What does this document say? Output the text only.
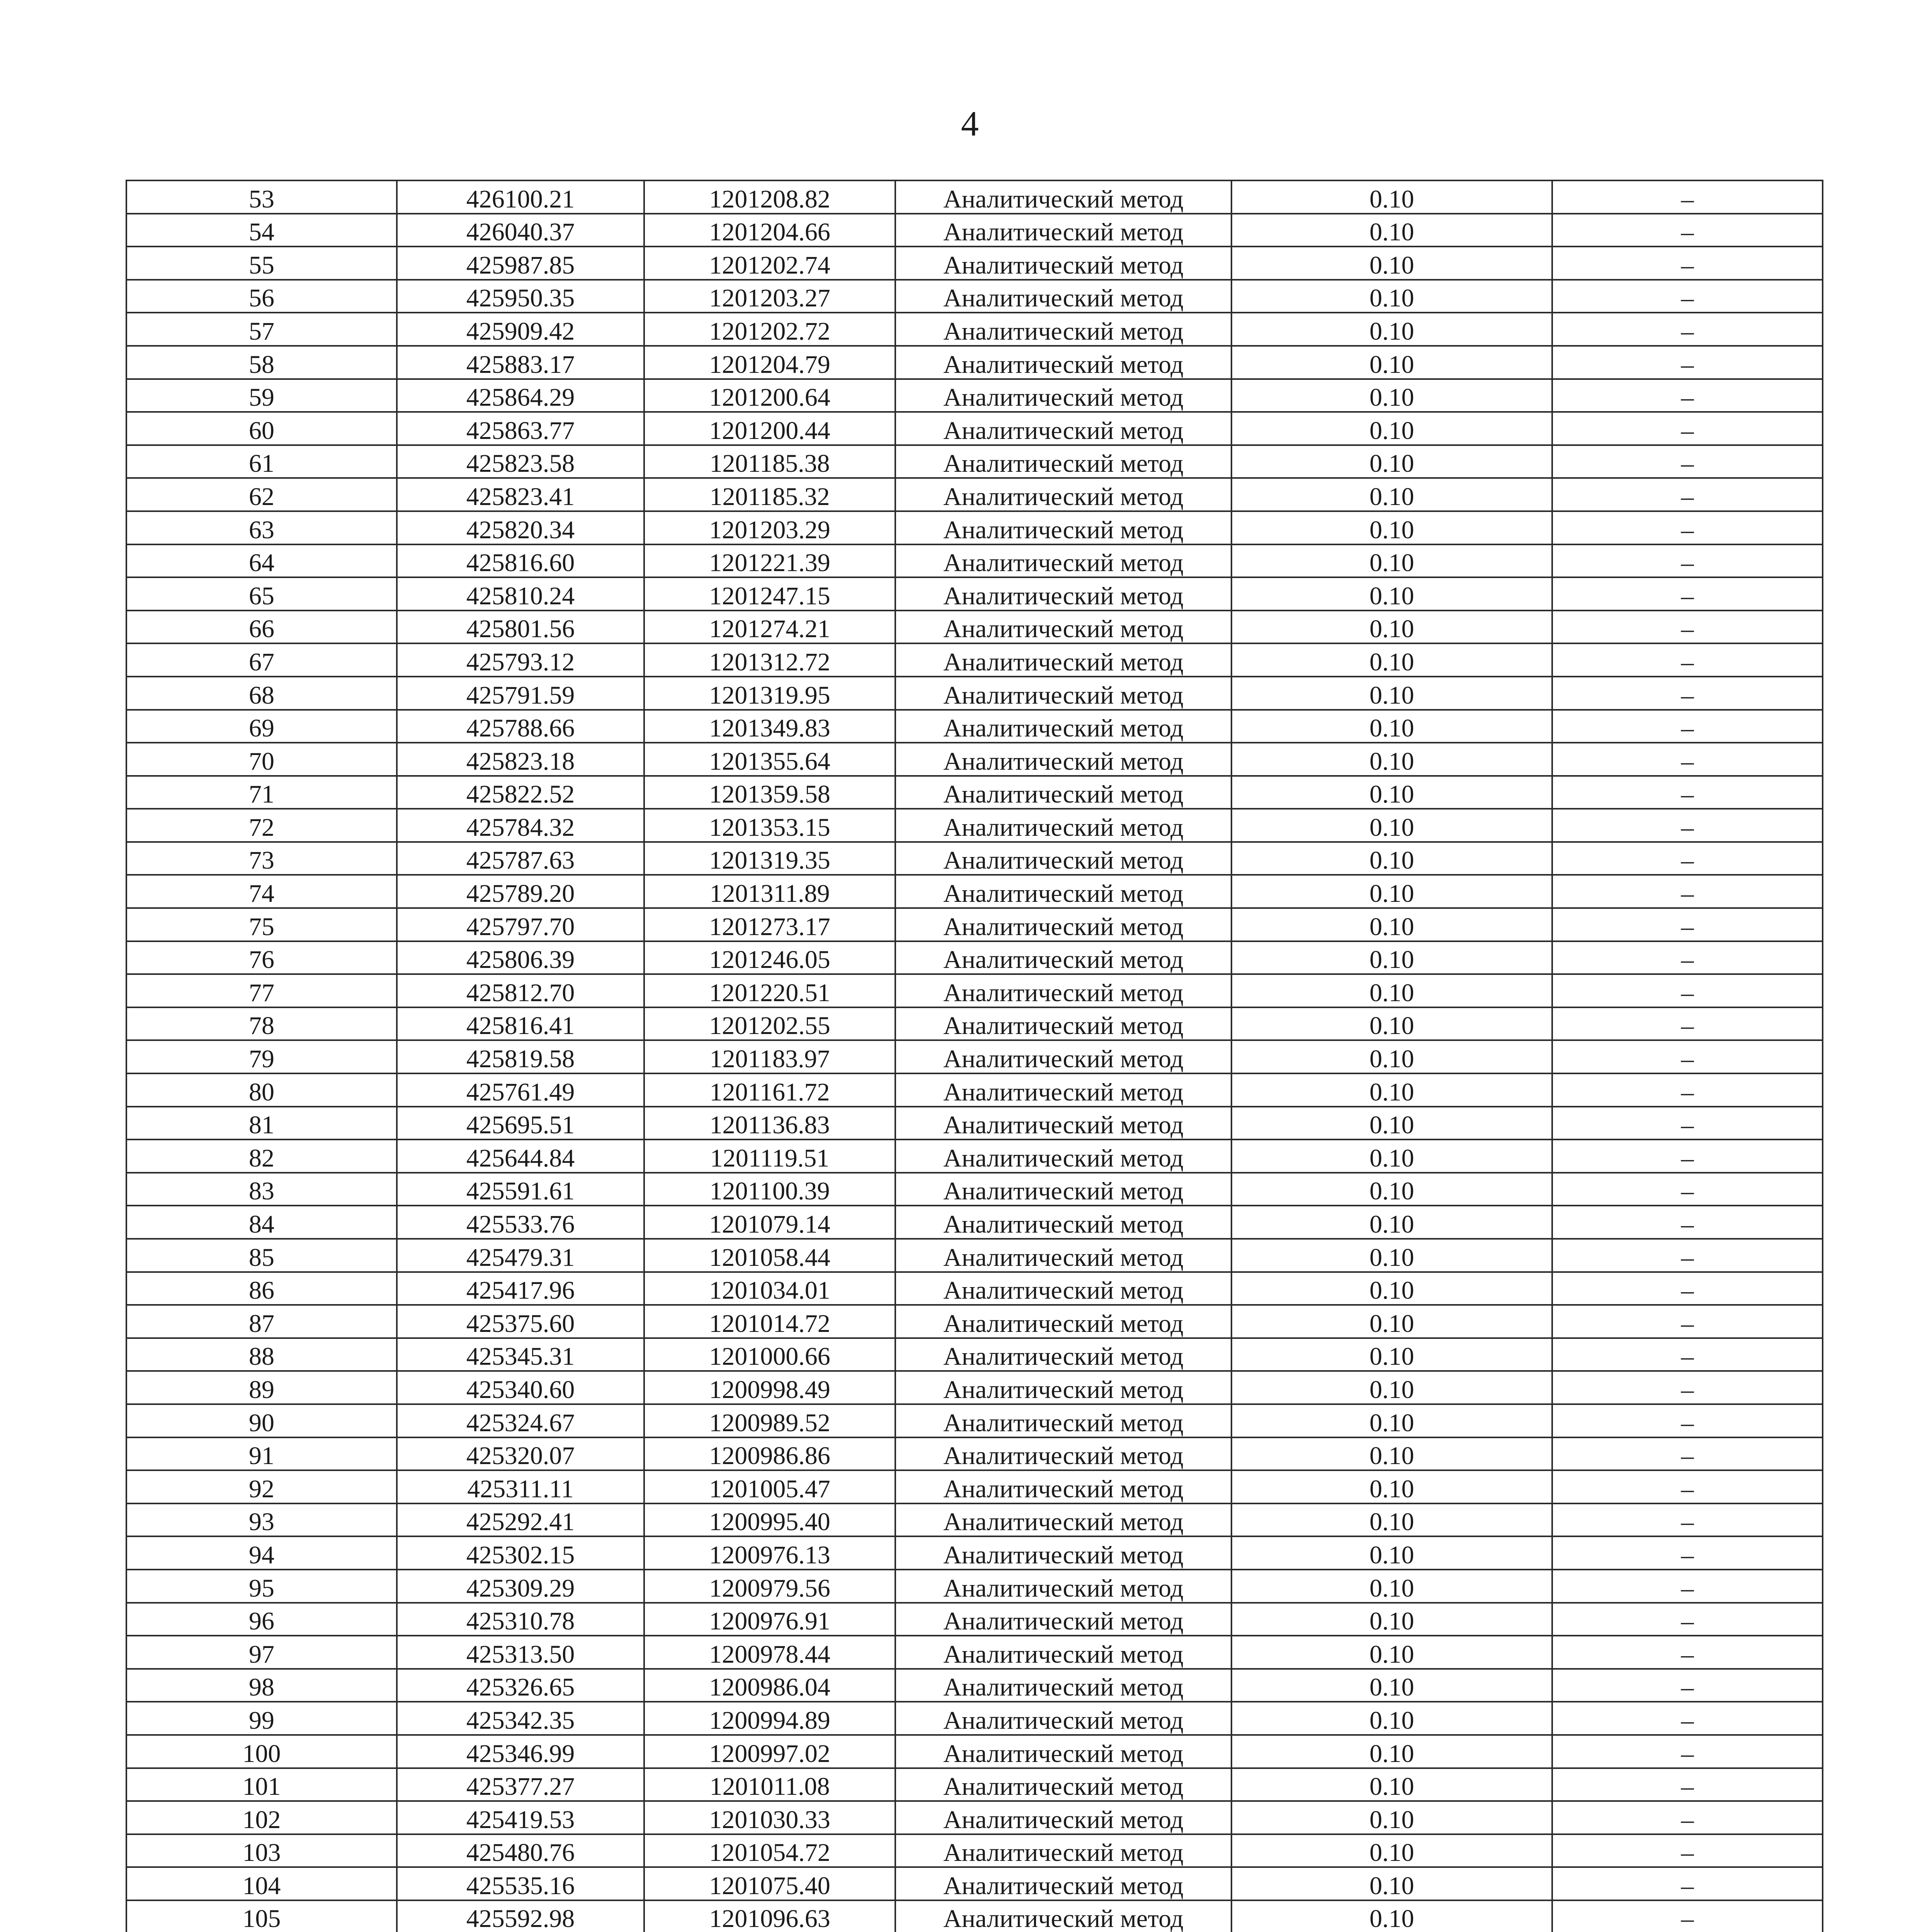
4
53	426100.21	1201208.82	Аналитический метод	0.10	–
54	426040.37	1201204.66	Аналитический метод	0.10	–
55	425987.85	1201202.74	Аналитический метод	0.10	–
56	425950.35	1201203.27	Аналитический метод	0.10	–
57	425909.42	1201202.72	Аналитический метод	0.10	–
58	425883.17	1201204.79	Аналитический метод	0.10	–
59	425864.29	1201200.64	Аналитический метод	0.10	–
60	425863.77	1201200.44	Аналитический метод	0.10	–
61	425823.58	1201185.38	Аналитический метод	0.10	–
62	425823.41	1201185.32	Аналитический метод	0.10	–
63	425820.34	1201203.29	Аналитический метод	0.10	–
64	425816.60	1201221.39	Аналитический метод	0.10	–
65	425810.24	1201247.15	Аналитический метод	0.10	–
66	425801.56	1201274.21	Аналитический метод	0.10	–
67	425793.12	1201312.72	Аналитический метод	0.10	–
68	425791.59	1201319.95	Аналитический метод	0.10	–
69	425788.66	1201349.83	Аналитический метод	0.10	–
70	425823.18	1201355.64	Аналитический метод	0.10	–
71	425822.52	1201359.58	Аналитический метод	0.10	–
72	425784.32	1201353.15	Аналитический метод	0.10	–
73	425787.63	1201319.35	Аналитический метод	0.10	–
74	425789.20	1201311.89	Аналитический метод	0.10	–
75	425797.70	1201273.17	Аналитический метод	0.10	–
76	425806.39	1201246.05	Аналитический метод	0.10	–
77	425812.70	1201220.51	Аналитический метод	0.10	–
78	425816.41	1201202.55	Аналитический метод	0.10	–
79	425819.58	1201183.97	Аналитический метод	0.10	–
80	425761.49	1201161.72	Аналитический метод	0.10	–
81	425695.51	1201136.83	Аналитический метод	0.10	–
82	425644.84	1201119.51	Аналитический метод	0.10	–
83	425591.61	1201100.39	Аналитический метод	0.10	–
84	425533.76	1201079.14	Аналитический метод	0.10	–
85	425479.31	1201058.44	Аналитический метод	0.10	–
86	425417.96	1201034.01	Аналитический метод	0.10	–
87	425375.60	1201014.72	Аналитический метод	0.10	–
88	425345.31	1201000.66	Аналитический метод	0.10	–
89	425340.60	1200998.49	Аналитический метод	0.10	–
90	425324.67	1200989.52	Аналитический метод	0.10	–
91	425320.07	1200986.86	Аналитический метод	0.10	–
92	425311.11	1201005.47	Аналитический метод	0.10	–
93	425292.41	1200995.40	Аналитический метод	0.10	–
94	425302.15	1200976.13	Аналитический метод	0.10	–
95	425309.29	1200979.56	Аналитический метод	0.10	–
96	425310.78	1200976.91	Аналитический метод	0.10	–
97	425313.50	1200978.44	Аналитический метод	0.10	–
98	425326.65	1200986.04	Аналитический метод	0.10	–
99	425342.35	1200994.89	Аналитический метод	0.10	–
100	425346.99	1200997.02	Аналитический метод	0.10	–
101	425377.27	1201011.08	Аналитический метод	0.10	–
102	425419.53	1201030.33	Аналитический метод	0.10	–
103	425480.76	1201054.72	Аналитический метод	0.10	–
104	425535.16	1201075.40	Аналитический метод	0.10	–
105	425592.98	1201096.63	Аналитический метод	0.10	–
